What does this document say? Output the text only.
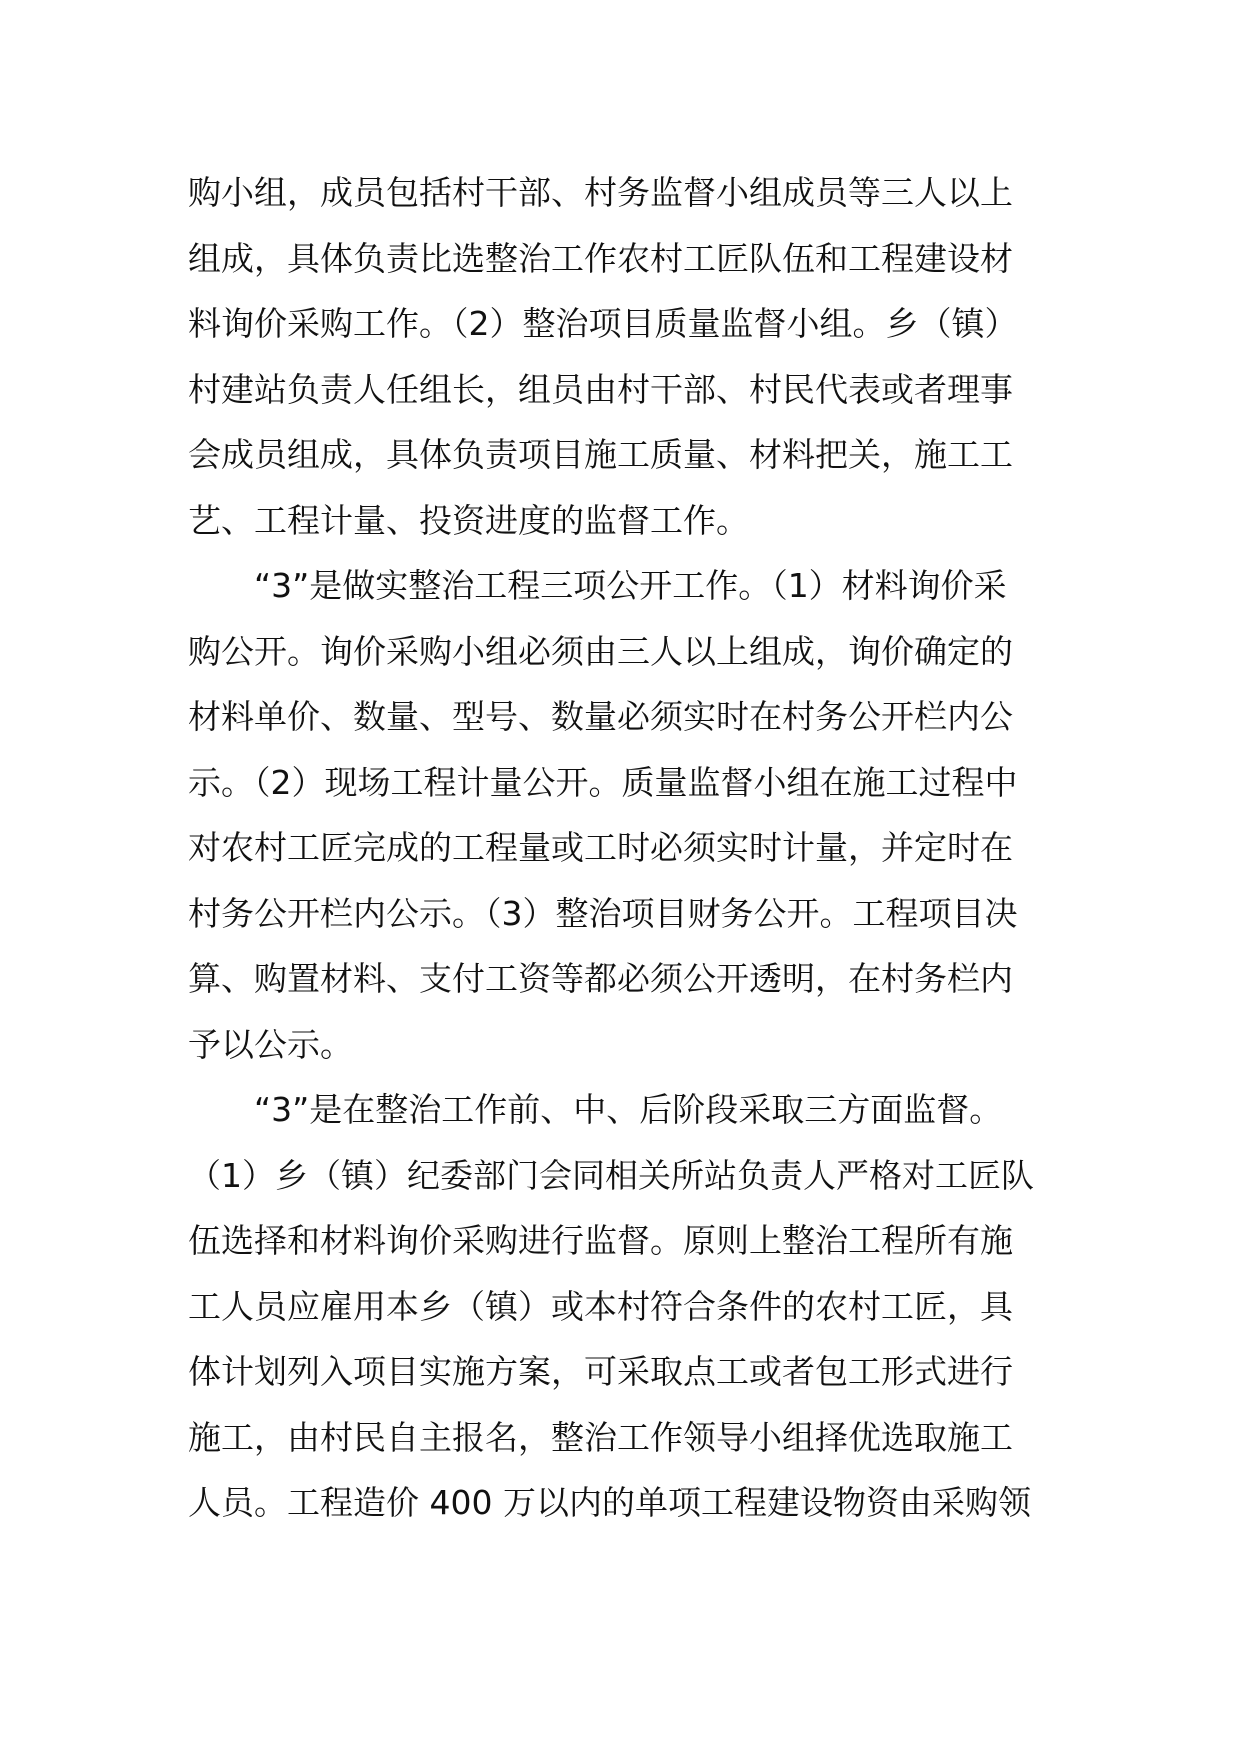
购小组，成员包括村干部、村务监督小组成员等三人以上
组成，具体负责比选整治工作农村工匠队伍和工程建设材
料询价采购工作。（2）整治项目质量监督小组。乡（镇）
村建站负责人任组长，组员由村干部、村民代表或者理事
会成员组成，具体负责项目施工质量、材料把关，施工工
艺、工程计量、投资进度的监督工作。
“3”是做实整治工程三项公开工作。（1）材料询价采
购公开。询价采购小组必须由三人以上组成，询价确定的
材料单价、数量、型号、数量必须实时在村务公开栏内公
示。（2）现场工程计量公开。质量监督小组在施工过程中
对农村工匠完成的工程量或工时必须实时计量，并定时在
村务公开栏内公示。（3）整治项目财务公开。工程项目决
算、购置材料、支付工资等都必须公开透明，在村务栏内
予以公示。
“3”是在整治工作前、中、后阶段采取三方面监督。
（1）乡（镇）纪委部门会同相关所站负责人严格对工匠队
伍选择和材料询价采购进行监督。原则上整治工程所有施
工人员应雇用本乡（镇）或本村符合条件的农村工匠，具
体计划列入项目实施方案，可采取点工或者包工形式进行
施工，由村民自主报名，整治工作领导小组择优选取施工
人员。工程造价 400 万以内的单项工程建设物资由采购领
